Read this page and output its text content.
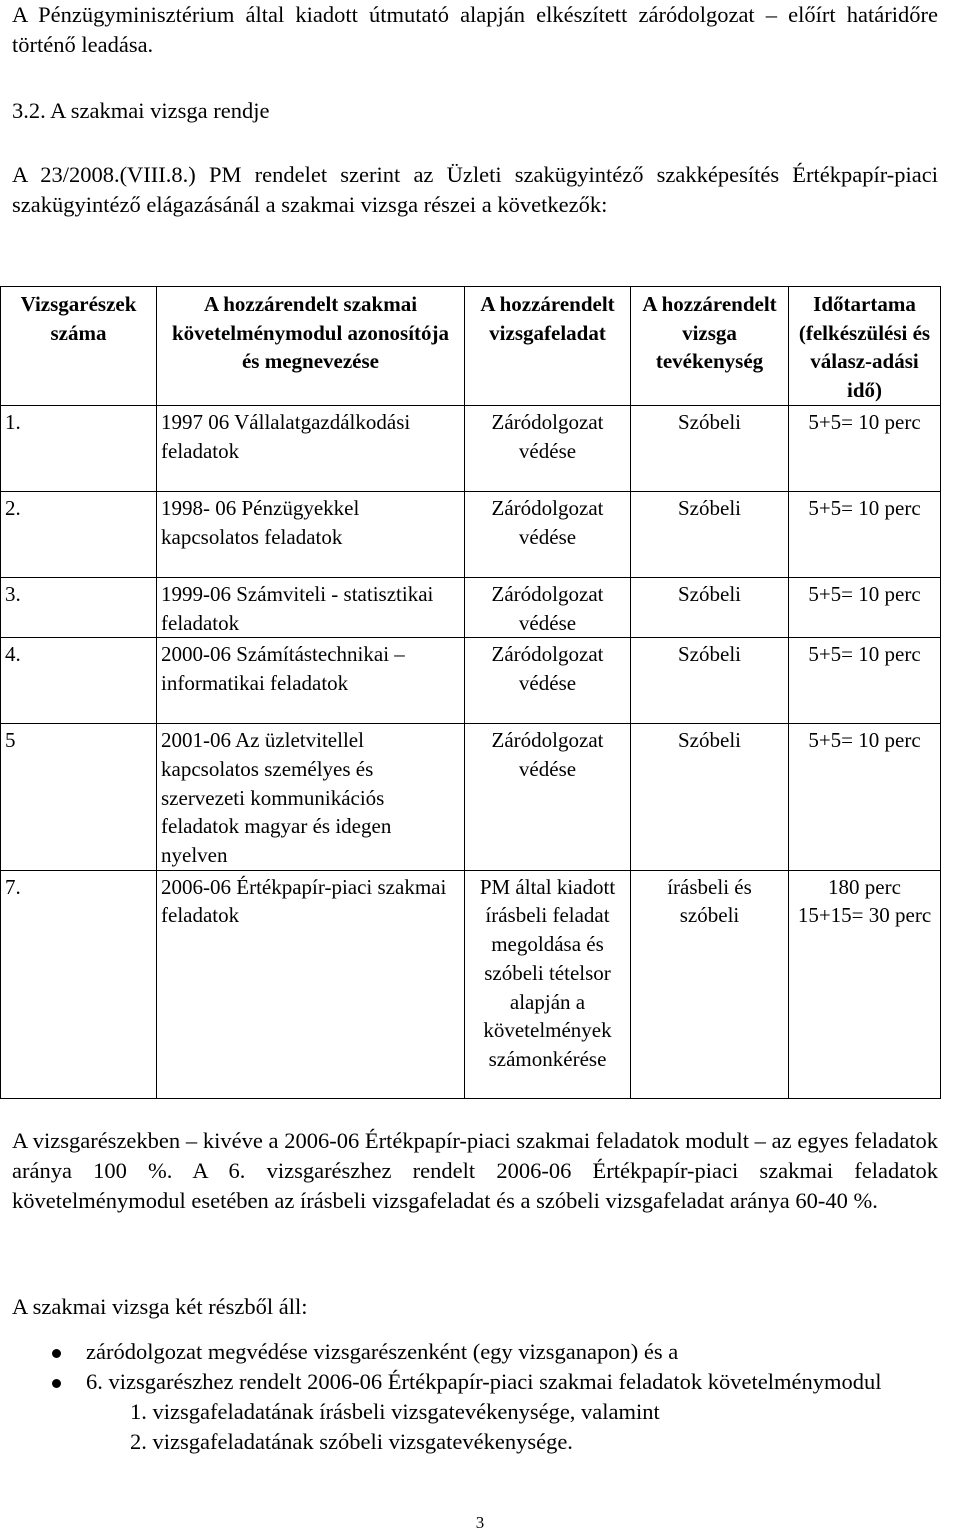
A Pénzügyminisztérium által kiadott útmutató alapján elkészített záródolgozat – előírt határidőre történő leadása.

3.2. A szakmai vizsga rendje

A 23/2008.(VIII.8.) PM rendelet szerint az Üzleti szakügyintéző szakképesítés Értékpapír-piaci szakügyintéző elágazásánál a szakmai vizsga részei a következők:

Vizsgarészek száma	A hozzárendelt szakmai követelménymodul azonosítója és megnevezése	A hozzárendelt vizsgafeladat	A hozzárendelt vizsga tevékenység	Időtartama
(felkészülési és válasz-adási idő)
1.	1997 06 Vállalatgazdálkodási feladatok	Záródolgozat védése	Szóbeli	5+5= 10 perc
2.	1998- 06 Pénzügyekkel kapcsolatos feladatok	Záródolgozat védése	Szóbeli	5+5= 10 perc
3.	1999-06 Számviteli - statisztikai feladatok	Záródolgozat védése	Szóbeli	5+5= 10 perc
4.	2000-06 Számítástechnikai – informatikai feladatok	Záródolgozat védése	Szóbeli	5+5= 10 perc
5	2001-06 Az üzletvitellel kapcsolatos személyes és szervezeti kommunikációs feladatok magyar és idegen nyelven	Záródolgozat védése	Szóbeli	5+5= 10 perc
7.	2006-06 Értékpapír-piaci szakmai feladatok	PM által kiadott írásbeli feladat megoldása és szóbeli tételsor alapján a követelmények számonkérése	írásbeli és szóbeli	180 perc 15+15= 30 perc

A vizsgarészekben – kivéve a 2006-06 Értékpapír-piaci szakmai feladatok modult – az egyes feladatok aránya 100 %. A 6. vizsgarészhez rendelt 2006-06 Értékpapír-piaci szakmai feladatok követelménymodul esetében az írásbeli vizsgafeladat és a szóbeli vizsgafeladat aránya 60-40 %.

A szakmai vizsga két részből áll:

záródolgozat megvédése vizsgarészenként (egy vizsganapon) és a
6. vizsgarészhez rendelt 2006-06 Értékpapír-piaci szakmai feladatok követelménymodul
1. vizsgafeladatának írásbeli vizsgatevékenysége, valamint
2. vizsgafeladatának szóbeli vizsgatevékenysége.
3
